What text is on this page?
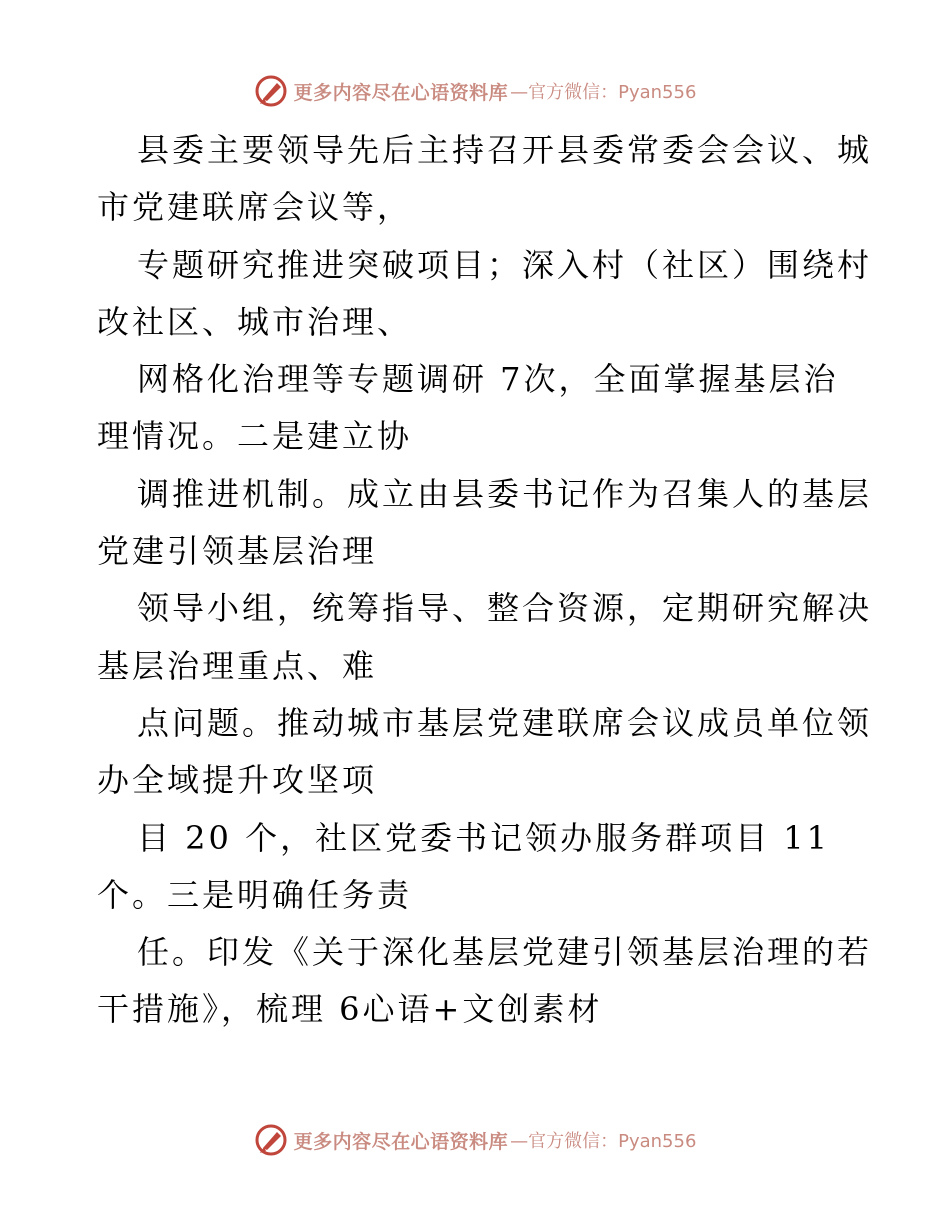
更多内容尽在心语资料库 —官方微信：Pyan556
县委主要领导先后主持召开县委常委会会议、城
市党建联席会议等，
专题研究推进突破项目；深入村（社区）围绕村
改社区、城市治理、
网格化治理等专题调研 7次，全面掌握基层治
理情况。二是建立协
调推进机制。成立由县委书记作为召集人的基层
党建引领基层治理
领导小组，统筹指导、整合资源，定期研究解决
基层治理重点、难
点问题。推动城市基层党建联席会议成员单位领
办全域提升攻坚项
目 20 个，社区党委书记领办服务群项目 11
个。三是明确任务责
任。印发《关于深化基层党建引领基层治理的若
干措施》，梳理 6心语+文创素材
更多内容尽在心语资料库 —官方微信：Pyan556
